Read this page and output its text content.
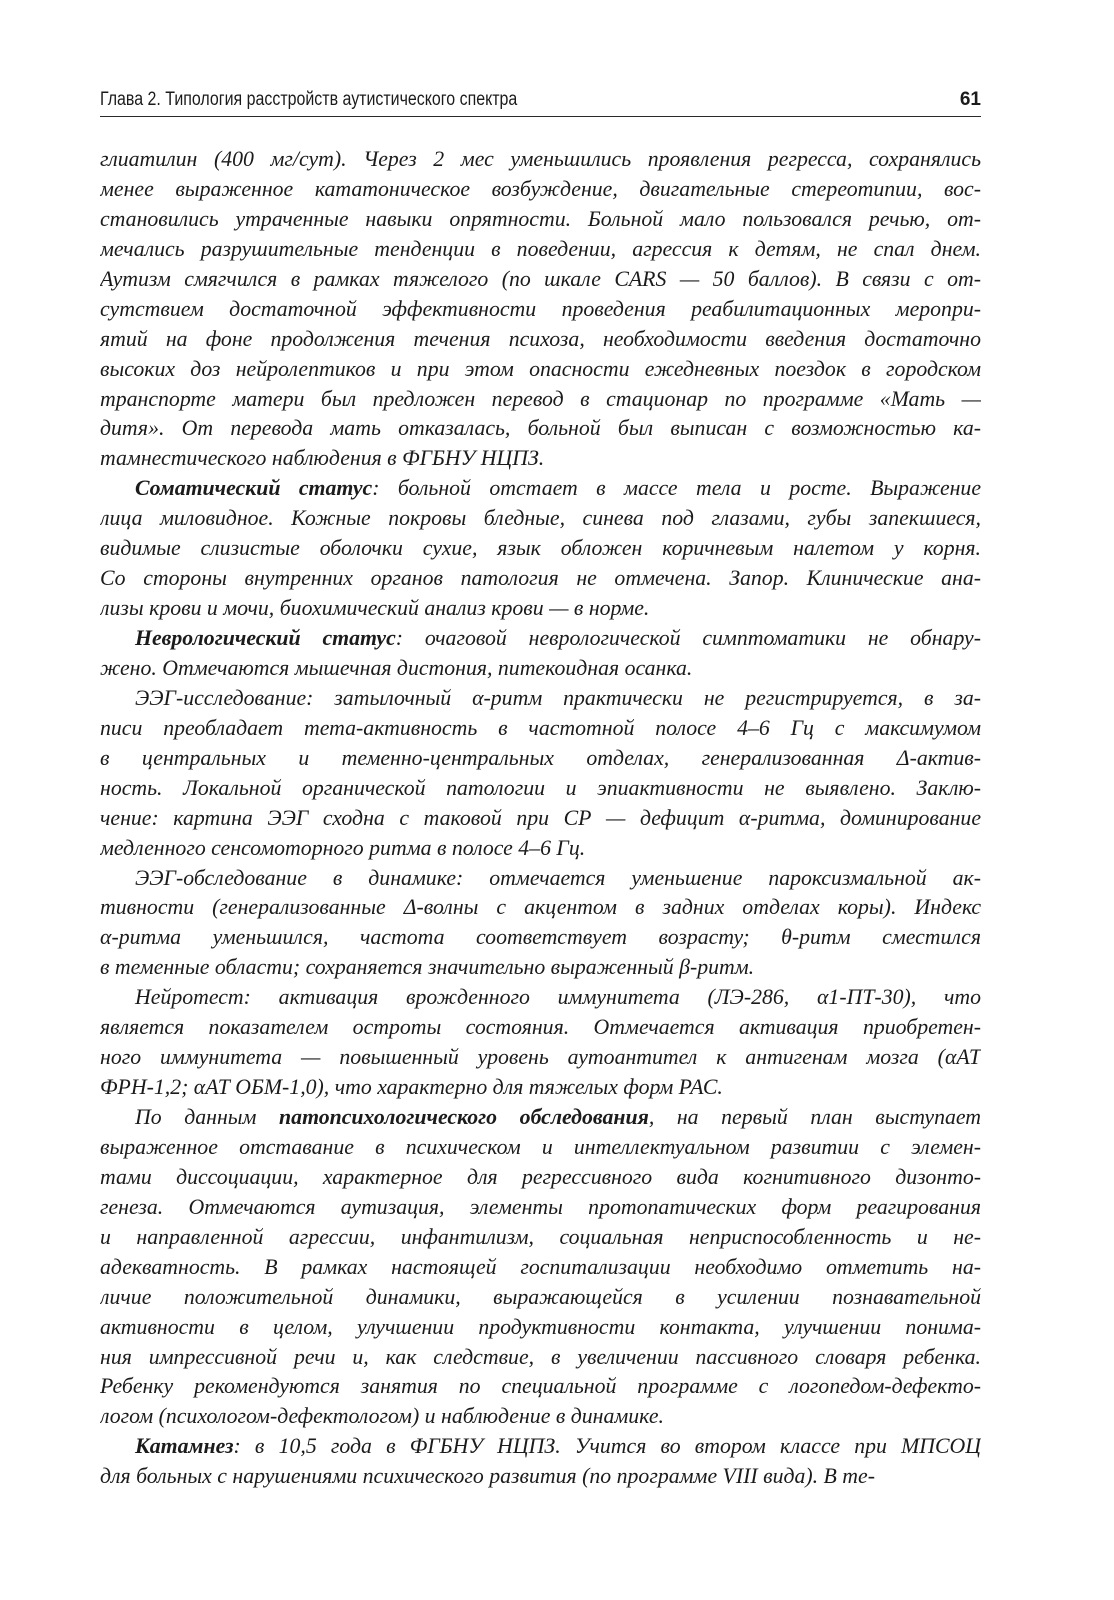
Глава 2. Типология расстройств аутистического спектра	61
глиатилин (400 мг/сут). Через 2 мес уменьшились проявления регресса, сохранялись
менее выраженное кататоническое возбуждение, двигательные стереотипии, вос-
становились утраченные навыки опрятности. Больной мало пользовался речью, от-
мечались разрушительные тенденции в поведении, агрессия к детям, не спал днем.
Аутизм смягчился в рамках тяжелого (по шкале CARS — 50 баллов). В связи с от-
сутствием достаточной эффективности проведения реабилитационных меропри-
ятий на фоне продолжения течения психоза, необходимости введения достаточно
высоких доз нейролептиков и при этом опасности ежедневных поездок в городском
транспорте матери был предложен перевод в стационар по программе «Мать —
дитя». От перевода мать отказалась, больной был выписан с возможностью ка-
тамнестического наблюдения в ФГБНУ НЦПЗ.
Соматический статус: больной отстает в массе тела и росте. Выражение
лица миловидное. Кожные покровы бледные, синева под глазами, губы запекшиеся,
видимые слизистые оболочки сухие, язык обложен коричневым налетом у корня.
Со стороны внутренних органов патология не отмечена. Запор. Клинические ана-
лизы крови и мочи, биохимический анализ крови — в норме.
Неврологический статус: очаговой неврологической симптоматики не обнару-
жено. Отмечаются мышечная дистония, питекоидная осанка.
ЭЭГ-исследование: затылочный α-ритм практически не регистрируется, в за-
писи преобладает тета-активность в частотной полосе 4–6 Гц с максимумом
в центральных и теменно-центральных отделах, генерализованная Δ-актив-
ность. Локальной органической патологии и эпиактивности не выявлено. Заклю-
чение: картина ЭЭГ сходна с таковой при СР — дефицит α-ритма, доминирование
медленного сенсомоторного ритма в полосе 4–6 Гц.
ЭЭГ-обследование в динамике: отмечается уменьшение пароксизмальной ак-
тивности (генерализованные Δ-волны с акцентом в задних отделах коры). Индекс
α-ритма уменьшился, частота соответствует возрасту; θ-ритм сместился
в теменные области; сохраняется значительно выраженный β-ритм.
Нейротест: активация врожденного иммунитета (ЛЭ-286, α1-ПТ-30), что
является показателем остроты состояния. Отмечается активация приобретен-
ного иммунитета — повышенный уровень аутоантител к антигенам мозга (αАТ
ФРН-1,2; αАТ ОБМ-1,0), что характерно для тяжелых форм РАС.
По данным патопсихологического обследования, на первый план выступает
выраженное отставание в психическом и интеллектуальном развитии с элемен-
тами диссоциации, характерное для регрессивного вида когнитивного дизонто-
генеза. Отмечаются аутизация, элементы протопатических форм реагирования
и направленной агрессии, инфантилизм, социальная неприспособленность и не-
адекватность. В рамках настоящей госпитализации необходимо отметить на-
личие положительной динамики, выражающейся в усилении познавательной
активности в целом, улучшении продуктивности контакта, улучшении понима-
ния импрессивной речи и, как следствие, в увеличении пассивного словаря ребенка.
Ребенку рекомендуются занятия по специальной программе с логопедом-дефекто-
логом (психологом-дефектологом) и наблюдение в динамике.
Катамнез: в 10,5 года в ФГБНУ НЦПЗ. Учится во втором классе при МПСОЦ
для больных с нарушениями психического развития (по программе VIII вида). В те-
